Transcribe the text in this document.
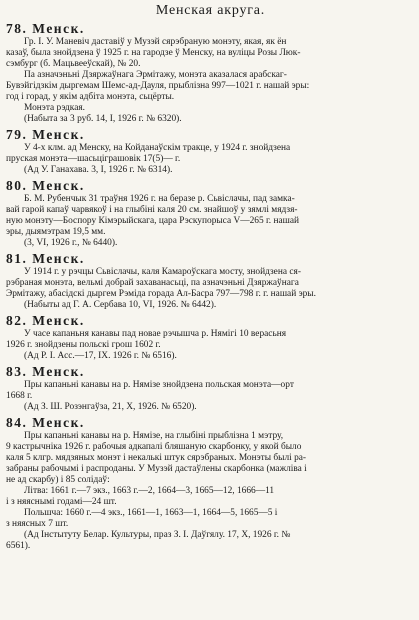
Менская акруга.
78. Менск.

Гр. І. У. Маневіч даставіў у Музэй сярэбраную монэту, якая, як ён

казаў, была знойдзена ў 1925 г. на гародзе ў Менску, на вуліцы Розы Люк-

сэмбург (б. Мацьвееўскай), № 20.

Па азначэньні Дзяржаўнага Эрмітажу, монэта аказалася арабскаг-

Бувэйгідзкім дыргемам Шемс-ад-Дауля, прыблізна 997—1021 г. нашай эры:

год і горад, у якім адбіта монэта, сьцёрты.

Монэта рэдкая.

(Набыта за 3 руб. 14, І, 1926 г. № 6320).

79. Менск.

У 4-х клм. ад Менску, на Койданаўскім тракце, у 1924 г. знойдзена

пруская монэта—шасьціграшовік 17(5)— г.

(Ад У. Ганахава. 3, І, 1926 г. № 6314).

80. Менск.

Б. М. Рубенчык 31 траўня 1926 г. на беразе р. Сьвіслачы, пад замка-

вай гарой капаў чарвякоў і на глыбіні каля 20 см. знайшоў у зямлі мядзя-

ную монэту—Боспору Кімэрыйскага, цара Рэскупорыса V—265 г. нашай

эры, дыямэтрам 19,5 мм.

(3, VI, 1926 г., № 6440).

81. Менск.

У 1914 г. у рэчцы Сьвіслачы, каля Камароўскага мосту, знойдзена ся-

рэбраная монэта, вельмі добрай захаванасьці, па азначэньні Дзяржаўнага

Эрмітажу, абасідскі дыргем Рэміда горада Ал-Басра 797—798 г. г. нашай эры.

(Набыты ад Г. А. Сербава 10, VI, 1926. № 6442).

82. Менск.

У часе капаньня канавы пад новае рэчышча р. Нямігі 10 верасьня

1926 г. знойдзены польскі грош 1602 г.

(Ад Р. І. Асс.—17, ІХ. 1926 г. № 6516).

83. Менск.

Пры капаньні канавы на р. Нямізе знойдзена польская монэта—орт

1668 г.

(Ад З. Ш. Розэнгаўза, 21, Х, 1926. № 6520).

84. Менск.

Пры капаньні канавы на р. Нямізе, на глыбіні прыблізна 1 мэтру,

9 кастрычніка 1926 г. рабочыя адкапалі бляшаную скарбонку, у якой было

каля 5 клгр. мядзяных монэт і некалькі штук сярэбраных. Монэты былі ра-

забраны рабочымі і распроданы. У Музэй дастаўлены скарбонка (мажліва і

не ад скарбу) і 85 солідаў:

Літва: 1661 г.—7 экз., 1663 г.—2, 1664—3, 1665—12, 1666—11

і з няяснымі годамі—24 шт.

Польшча: 1660 г.—4 экз., 1661—1, 1663—1, 1664—5, 1665—5 і

з няясных 7 шт.

(Ад Інстытуту Белар. Культуры, праз З. І. Даўгялу. 17, Х, 1926 г. №

6561).
